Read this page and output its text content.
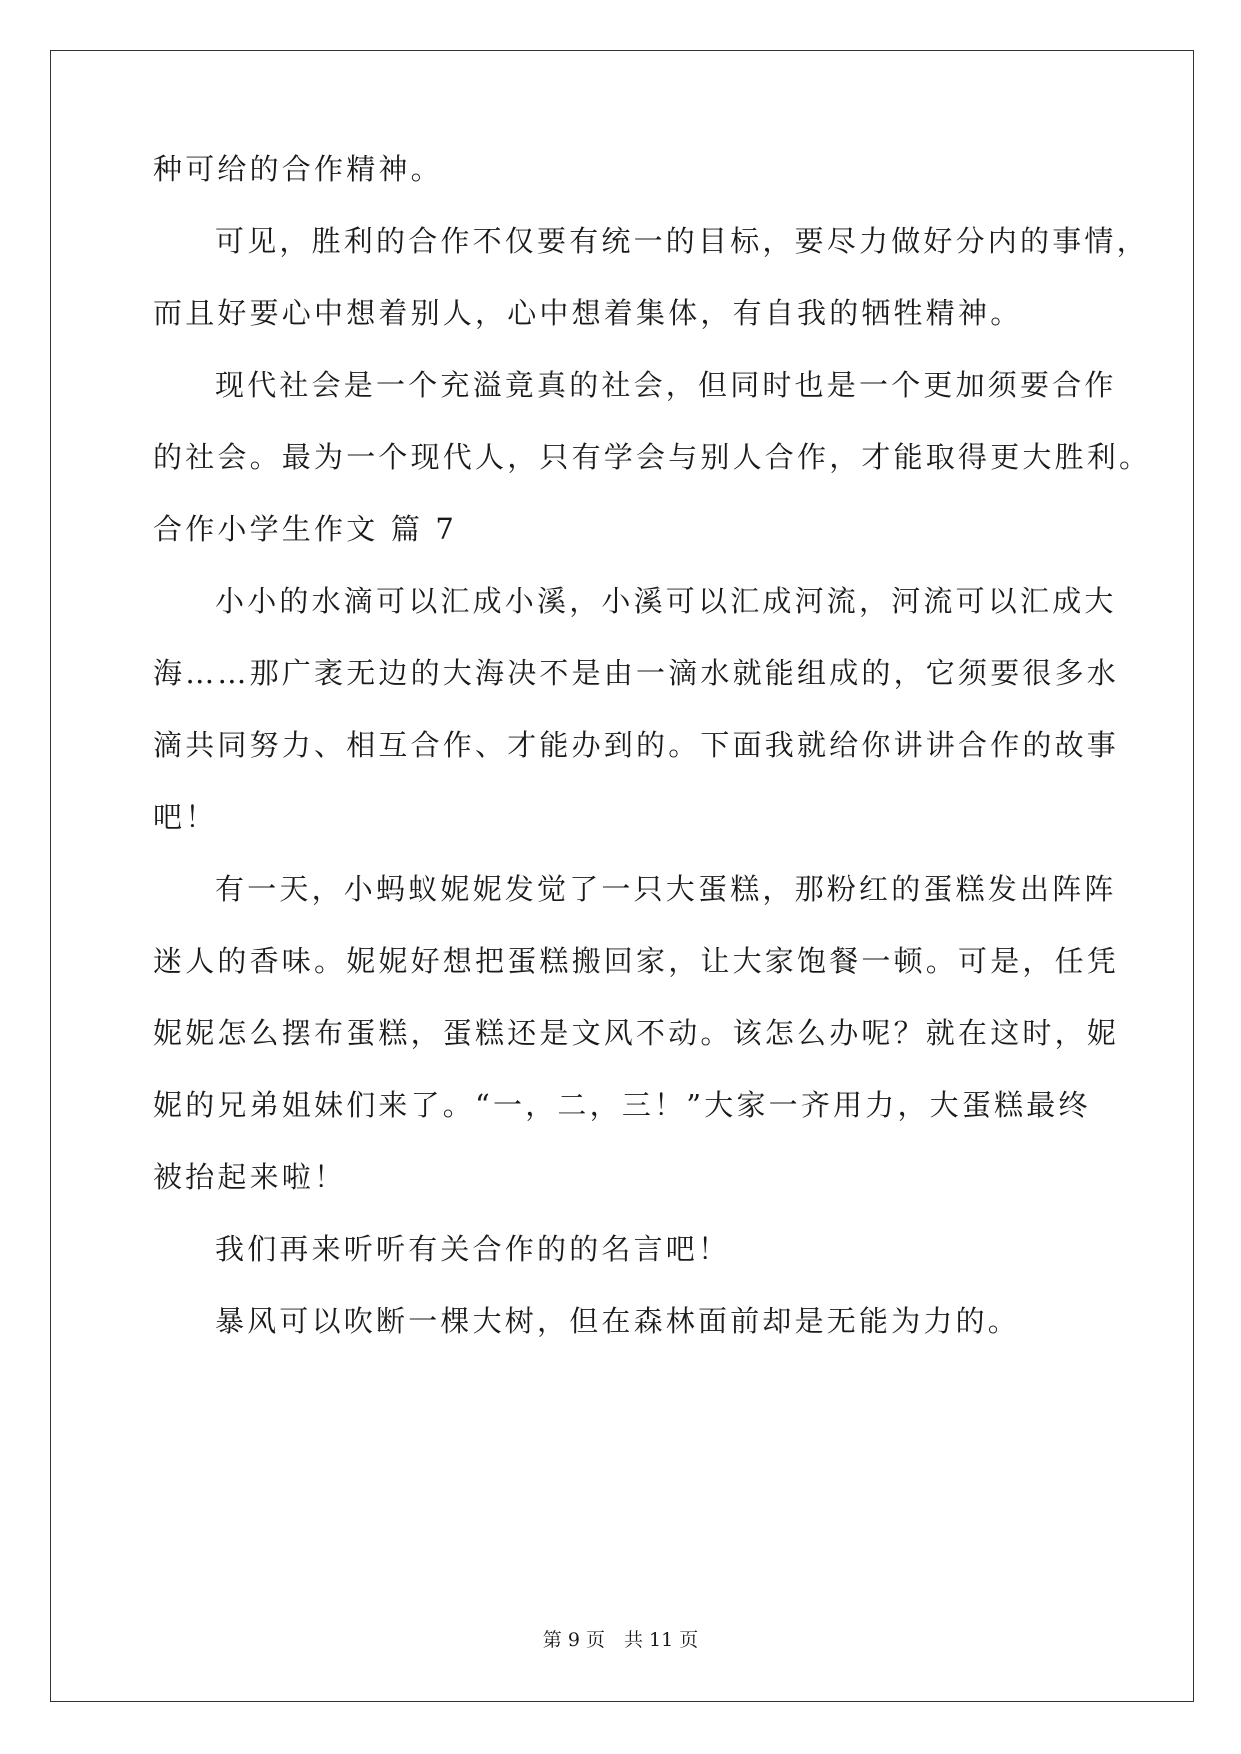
种可给的合作精神。
可见，胜利的合作不仅要有统一的目标，要尽力做好分内的事情，
而且好要心中想着别人，心中想着集体，有自我的牺牲精神。
现代社会是一个充溢竟真的社会，但同时也是一个更加须要合作
的社会。最为一个现代人，只有学会与别人合作，才能取得更大胜利。
合作小学生作文 篇 7
小小的水滴可以汇成小溪，小溪可以汇成河流，河流可以汇成大
海……那广袤无边的大海决不是由一滴水就能组成的，它须要很多水
滴共同努力、相互合作、才能办到的。下面我就给你讲讲合作的故事
吧！
有一天，小蚂蚁妮妮发觉了一只大蛋糕，那粉红的蛋糕发出阵阵
迷人的香味。妮妮好想把蛋糕搬回家，让大家饱餐一顿。可是，任凭
妮妮怎么摆布蛋糕，蛋糕还是文风不动。该怎么办呢？就在这时，妮
妮的兄弟姐妹们来了。“一，二，三！”大家一齐用力，大蛋糕最终
被抬起来啦！
我们再来听听有关合作的的名言吧！
暴风可以吹断一棵大树，但在森林面前却是无能为力的。
第 9 页　共 11 页
